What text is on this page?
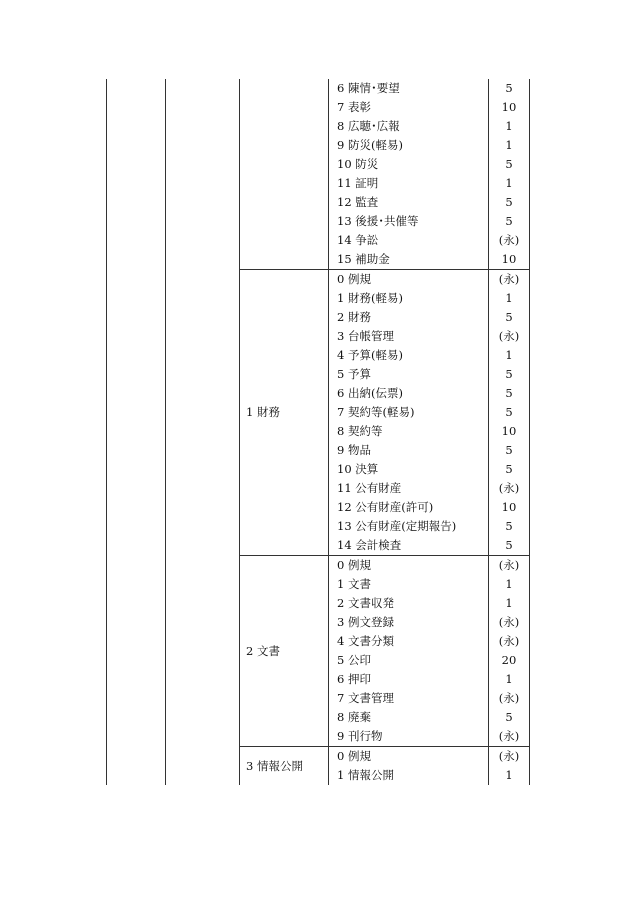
			6 陳情･要望	5
			7 表彰	10
			8 広聴･広報	1
			9 防災(軽易)	1
			10 防災	5
			11 証明	1
			12 監査	5
			13 後援･共催等	5
			14 争訟	(永)
			15 補助金	10
		1 財務	0 例規	(永)
			1 財務(軽易)	1
			2 財務	5
			3 台帳管理	(永)
			4 予算(軽易)	1
			5 予算	5
			6 出納(伝票)	5
			7 契約等(軽易)	5
			8 契約等	10
			9 物品	5
			10 決算	5
			11 公有財産	(永)
			12 公有財産(許可)	10
			13 公有財産(定期報告)	5
			14 会計検査	5
		2 文書	0 例規	(永)
			1 文書	1
			2 文書収発	1
			3 例文登録	(永)
			4 文書分類	(永)
			5 公印	20
			6 押印	1
			7 文書管理	(永)
			8 廃棄	5
			9 刊行物	(永)
		3 情報公開	0 例規	(永)
			1 情報公開	1
